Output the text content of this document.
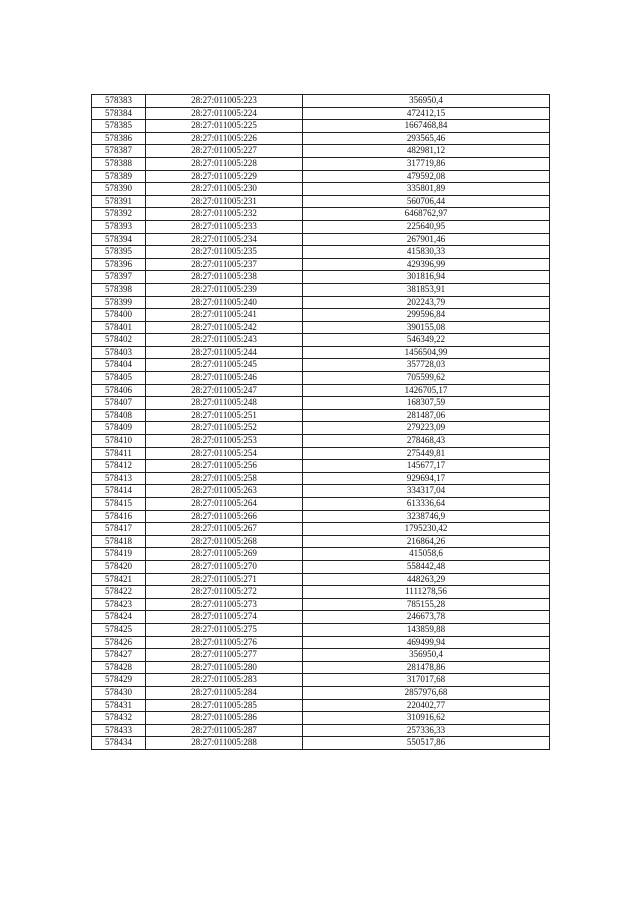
578383	28:27:011005:223	356950,4
578384	28:27:011005:224	472412,15
578385	28:27:011005:225	1667468,84
578386	28:27:011005:226	293565,46
578387	28:27:011005:227	482981,12
578388	28:27:011005:228	317719,86
578389	28:27:011005:229	479592,08
578390	28:27:011005:230	335801,89
578391	28:27:011005:231	560706,44
578392	28:27:011005:232	6468762,97
578393	28:27:011005:233	225640,95
578394	28:27:011005:234	267901,46
578395	28:27:011005:235	415830,33
578396	28:27:011005:237	429396,99
578397	28:27:011005:238	301816,94
578398	28:27:011005:239	381853,91
578399	28:27:011005:240	202243,79
578400	28:27:011005:241	299596,84
578401	28:27:011005:242	390155,08
578402	28:27:011005:243	546349,22
578403	28:27:011005:244	1456504,99
578404	28:27:011005:245	357728,03
578405	28:27:011005:246	705599,62
578406	28:27:011005:247	1426705,17
578407	28:27:011005:248	168307,59
578408	28:27:011005:251	281487,06
578409	28:27:011005:252	279223,09
578410	28:27:011005:253	278468,43
578411	28:27:011005:254	275449,81
578412	28:27:011005:256	145677,17
578413	28:27:011005:258	929694,17
578414	28:27:011005:263	334317,04
578415	28:27:011005:264	613336,64
578416	28:27:011005:266	3238746,9
578417	28:27:011005:267	1795230,42
578418	28:27:011005:268	216864,26
578419	28:27:011005:269	415058,6
578420	28:27:011005:270	558442,48
578421	28:27:011005:271	448263,29
578422	28:27:011005:272	1111278,56
578423	28:27:011005:273	785155,28
578424	28:27:011005:274	246673,78
578425	28:27:011005:275	143859,88
578426	28:27:011005:276	469499,94
578427	28:27:011005:277	356950,4
578428	28:27:011005:280	281478,86
578429	28:27:011005:283	317017,68
578430	28:27:011005:284	2857976,68
578431	28:27:011005:285	220402,77
578432	28:27:011005:286	310916,62
578433	28:27:011005:287	257336,33
578434	28:27:011005:288	550517,86
